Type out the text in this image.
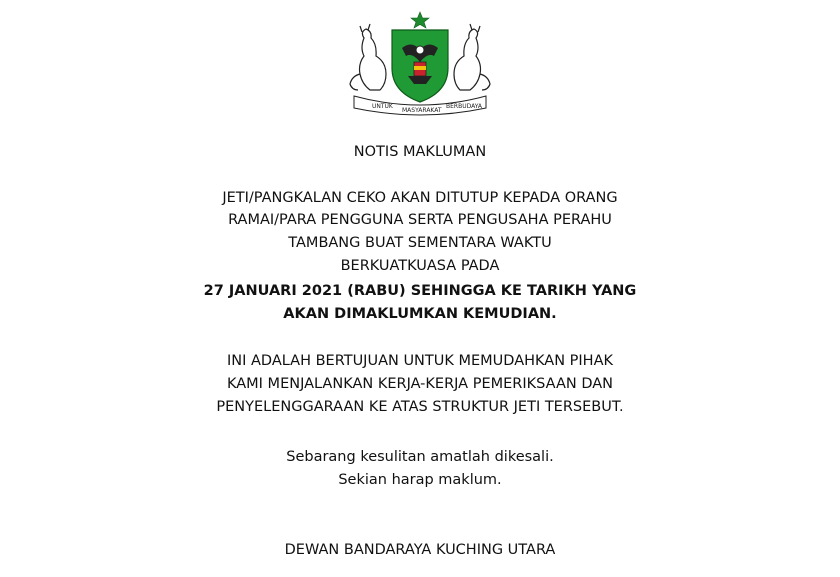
UNTUK
MASYARAKAT
BERBUDAYA
NOTIS MAKLUMAN
JETI/PANGKALAN CEKO AKAN DITUTUP KEPADA ORANG
RAMAI/PARA PENGGUNA SERTA PENGUSAHA PERAHU
TAMBANG BUAT SEMENTARA WAKTU
BERKUATKUASA PADA
27 JANUARI 2021 (RABU) SEHINGGA KE TARIKH YANG
AKAN DIMAKLUMKAN KEMUDIAN.
INI ADALAH BERTUJUAN UNTUK MEMUDAHKAN PIHAK
KAMI MENJALANKAN KERJA-KERJA PEMERIKSAAN DAN
PENYELENGGARAAN KE ATAS STRUKTUR JETI TERSEBUT.
Sebarang kesulitan amatlah dikesali.
Sekian harap maklum.
DEWAN BANDARAYA KUCHING UTARA
